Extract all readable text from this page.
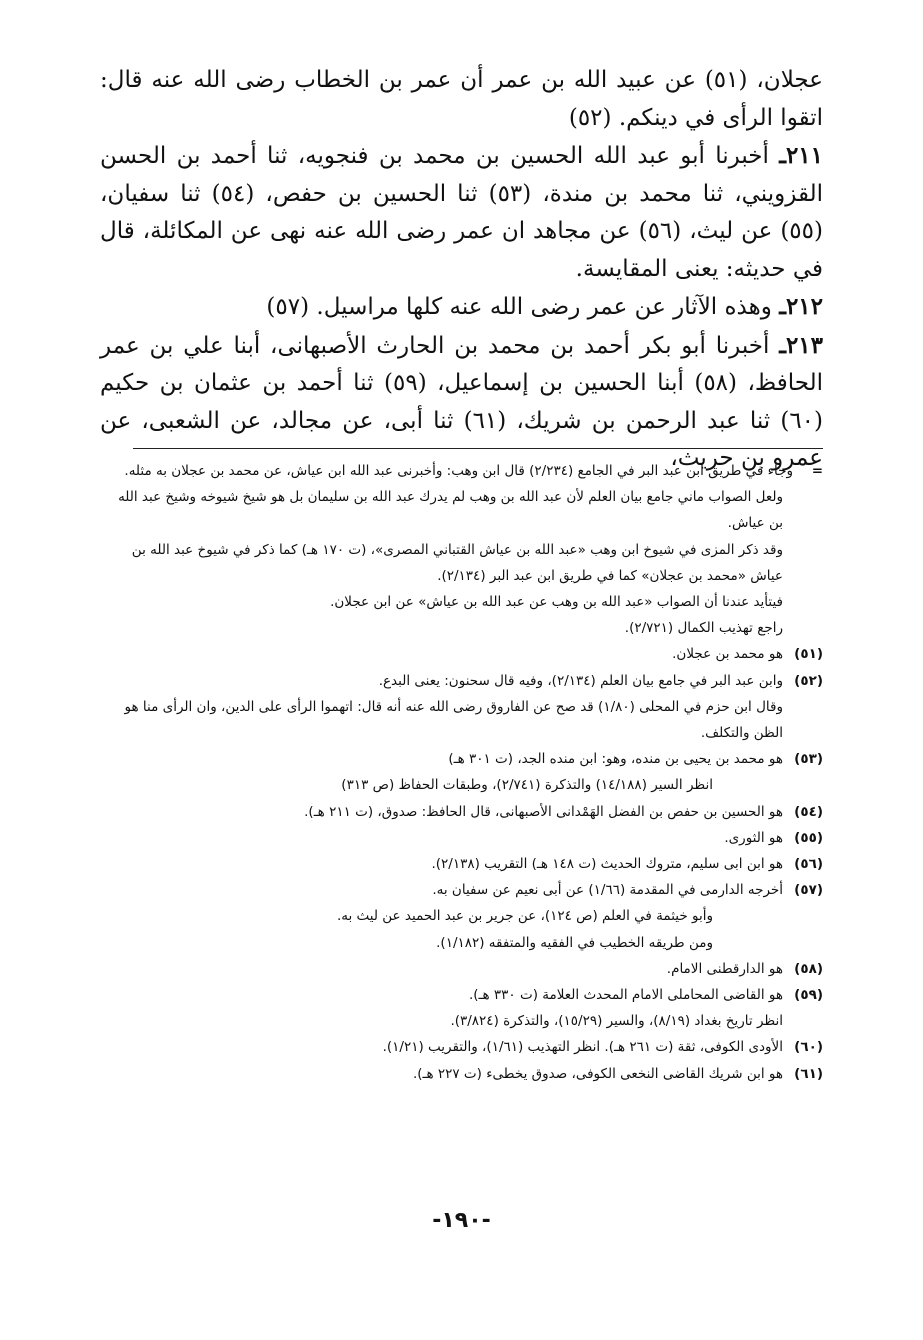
عجلان، (٥١) عن عبيد الله بن عمر أن عمر بن الخطاب رضى الله عنه قال: اتقوا الرأى في دينكم. (٥٢)

٢١١ـ أخبرنا أبو عبد الله الحسين بن محمد بن فنجويه، ثنا أحمد بن الحسن القزويني، ثنا محمد بن مندة، (٥٣) ثنا الحسين بن حفص، (٥٤) ثنا سفيان، (٥٥) عن ليث، (٥٦) عن مجاهد ان عمر رضى الله عنه نهى عن المكائلة، قال في حديثه: يعنى المقايسة.

٢١٢ـ وهذه الآثار عن عمر رضى الله عنه كلها مراسيل. (٥٧)

٢١٣ـ أخبرنا أبو بكر أحمد بن محمد بن الحارث الأصبهانى، أبنا علي بن عمر الحافظ، (٥٨) أبنا الحسين بن إسماعيل، (٥٩) ثنا أحمد بن عثمان بن حكيم (٦٠) ثنا عبد الرحمن بن شريك، (٦١) ثنا أبى، عن مجالد، عن الشعبى، عن عمرو بن حريث،

= وجاء في طريق ابن عبد البر في الجامع (٢/٢٣٤) قال ابن وهب: وأخبرنى عبد الله ابن عياش، عن محمد بن عجلان به مثله.

ولعل الصواب ماني جامع بيان العلم لأن عبد الله بن وهب لم يدرك عبد الله بن سليمان بل هو شيخ شيوخه وشيخ عبد الله بن عياش.

وقد ذكر المزى في شيوخ ابن وهب «عبد الله بن عياش القتباني المصرى»، (ت ١٧٠ هـ) كما ذكر في شيوخ عبد الله بن عياش «محمد بن عجلان» كما في طريق ابن عبد البر (٢/١٣٤).

فيتأيد عندنا أن الصواب «عبد الله بن وهب عن عبد الله بن عياش» عن ابن عجلان.

راجع تهذيب الكمال (٢/٧٢١).

(٥١)

هو محمد بن عجلان.

(٥٢)

وابن عبد البر في جامع بيان العلم (٢/١٣٤)، وفيه قال سحنون: يعنى البدع.

وقال ابن حزم في المحلى (١/٨٠) قد صح عن الفاروق رضى الله عنه أنه قال: اتهموا الرأى على الدين، وان الرأى منا هو الظن والتكلف.

(٥٣)

هو محمد بن يحيى بن منده، وهو: ابن منده الجد، (ت ٣٠١ هـ)

انظر السير (١٤/١٨٨) والتذكرة (٢/٧٤١)، وطبقات الحفاظ (ص ٣١٣)

(٥٤)

هو الحسين بن حفص بن الفضل الهَمْدانى الأصبهانى، قال الحافظ: صدوق، (ت ٢١١ هـ).

(٥٥)

هو الثورى.

(٥٦)

هو ابن ابى سليم، متروك الحديث (ت ١٤٨ هـ) التقريب (٢/١٣٨).

(٥٧)

أخرجه الدارمى في المقدمة (١/٦٦) عن أبى نعيم عن سفيان به.

وأبو خيثمة في العلم (ص ١٢٤)، عن جرير بن عبد الحميد عن ليث به.

ومن طريقه الخطيب في الفقيه والمتفقه (١/١٨٢).

(٥٨)

هو الدارقطنى الامام.

(٥٩)

هو القاضى المحاملى الامام المحدث العلامة (ت ٣٣٠ هـ).

انظر تاريخ بغداد (٨/١٩)، والسير (١٥/٢٩)، والتذكرة (٣/٨٢٤).

(٦٠)

الأودى الكوفى، ثقة (ت ٢٦١ هـ). انظر التهذيب (١/٦١)، والتقريب (١/٢١).

(٦١)

هو ابن شريك القاضى النخعى الكوفى، صدوق يخطىء (ت ٢٢٧ هـ).

-١٩٠-
